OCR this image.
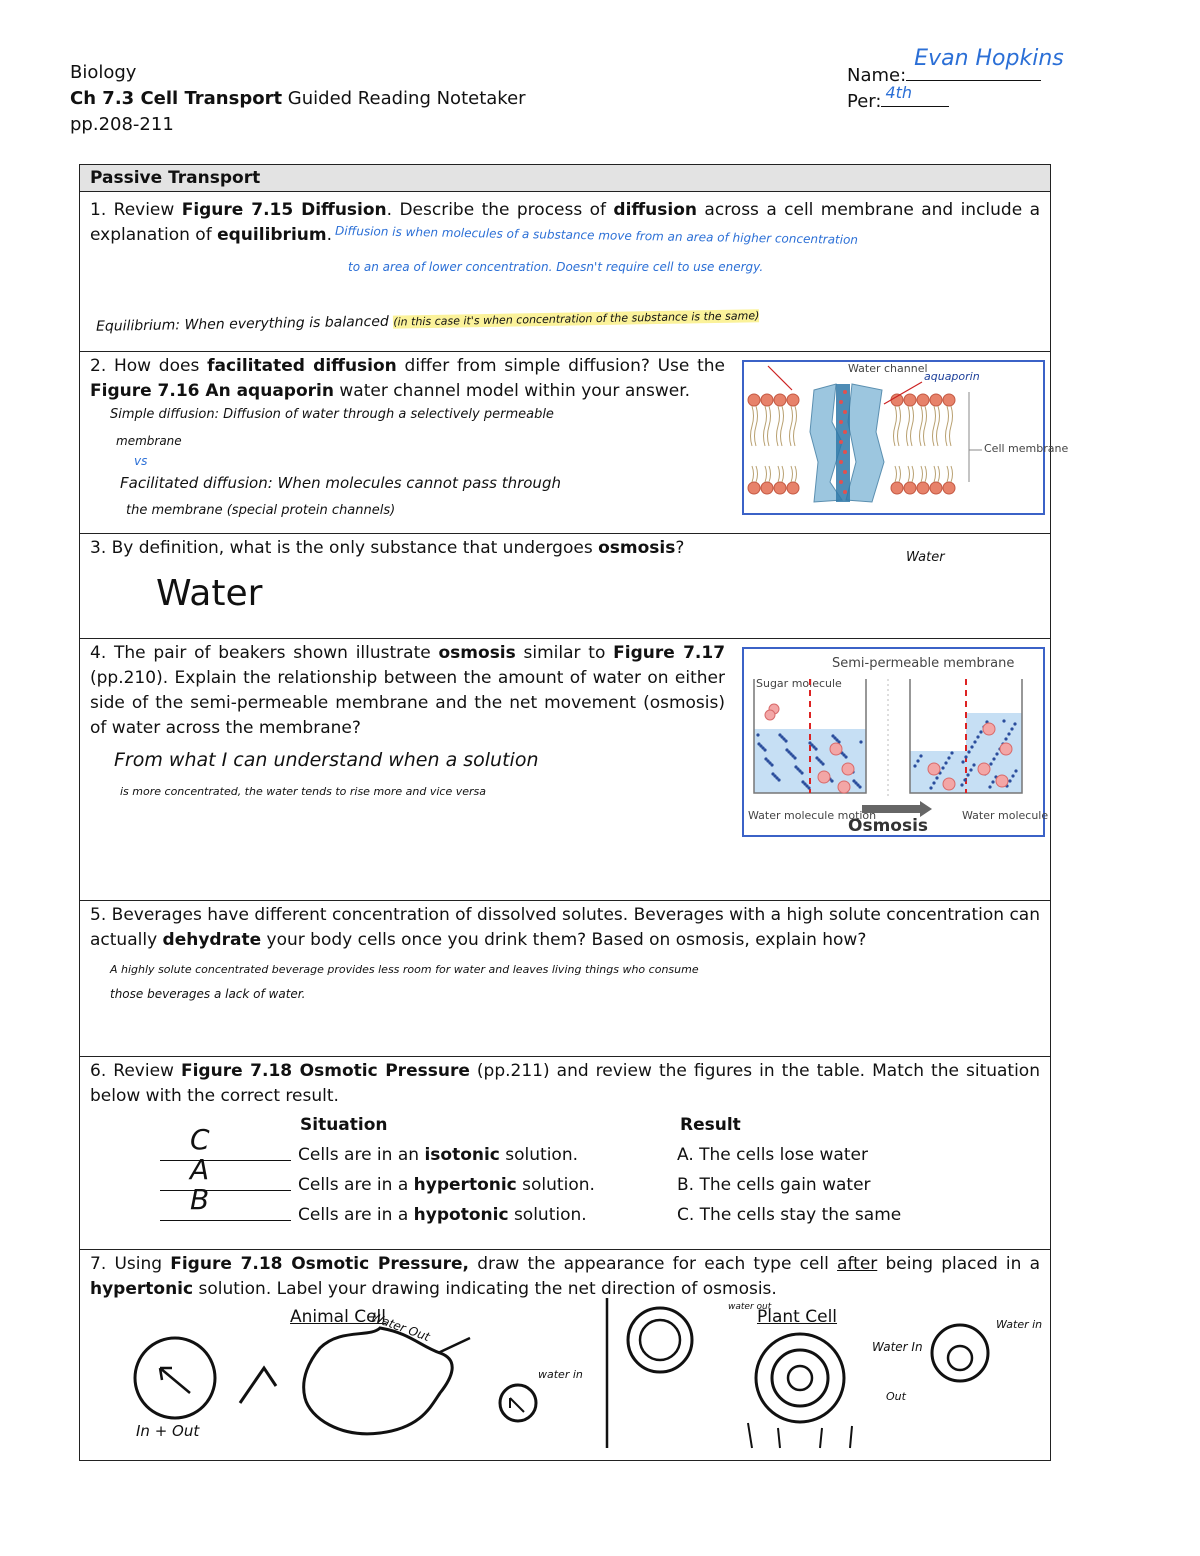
Biology
Ch 7.3 Cell Transport Guided Reading Notetaker
pp.208-211
Name:
Evan Hopkins
Per: 4th
Passive Transport
1. Review Figure 7.15 Diffusion. Describe the process of diffusion across a cell membrane and include a explanation of equilibrium. Diffusion is when molecules of a substance move from an area of higher concentration
to an area of lower concentration. Doesn't require cell to use energy.
Equilibrium: When everything is balanced (in this case it's when concentration of the substance is the same)
2. How does facilitated diffusion differ from simple diffusion? Use the Figure 7.16 An aquaporin water channel model within your answer.
Simple diffusion: Diffusion of water through a selectively permeable
membrane
vs
Facilitated diffusion: When molecules cannot pass through
the membrane (special protein channels)
Water channel
Cell membrane
aquaporin
Water
3. By definition, what is the only substance that undergoes osmosis?
Water
4. The pair of beakers shown illustrate osmosis similar to Figure 7.17 (pp.210). Explain the relationship between the amount of water on either side of the semi-permeable membrane and the net movement (osmosis) of water across the membrane?
From what I can understand when a solution
is more concentrated, the water tends to rise more and vice versa
Semi-permeable membrane
Sugar molecule
Water molecule motion
Osmosis
Water molecule
5. Beverages have different concentration of dissolved solutes. Beverages with a high solute concentration can actually dehydrate your body cells once you drink them? Based on osmosis, explain how?
A highly solute concentrated beverage provides less room for water and leaves living things who consume
those beverages a lack of water.
6. Review Figure 7.18 Osmotic Pressure (pp.211) and review the figures in the table. Match the situation below with the correct result.
Situation	Result
C	Cells are in an isotonic solution.	A. The cells lose water
A	Cells are in a hypertonic solution.	B. The cells gain water
B	Cells are in a hypotonic solution.	C. The cells stay the same
7. Using Figure 7.18 Osmotic Pressure, draw the appearance for each type cell after being placed in a hypertonic solution. Label your drawing indicating the net direction of osmosis.
Animal Cell	Plant Cell
In + Out
Water Out
water in
Water In
water out
Out
Water in
